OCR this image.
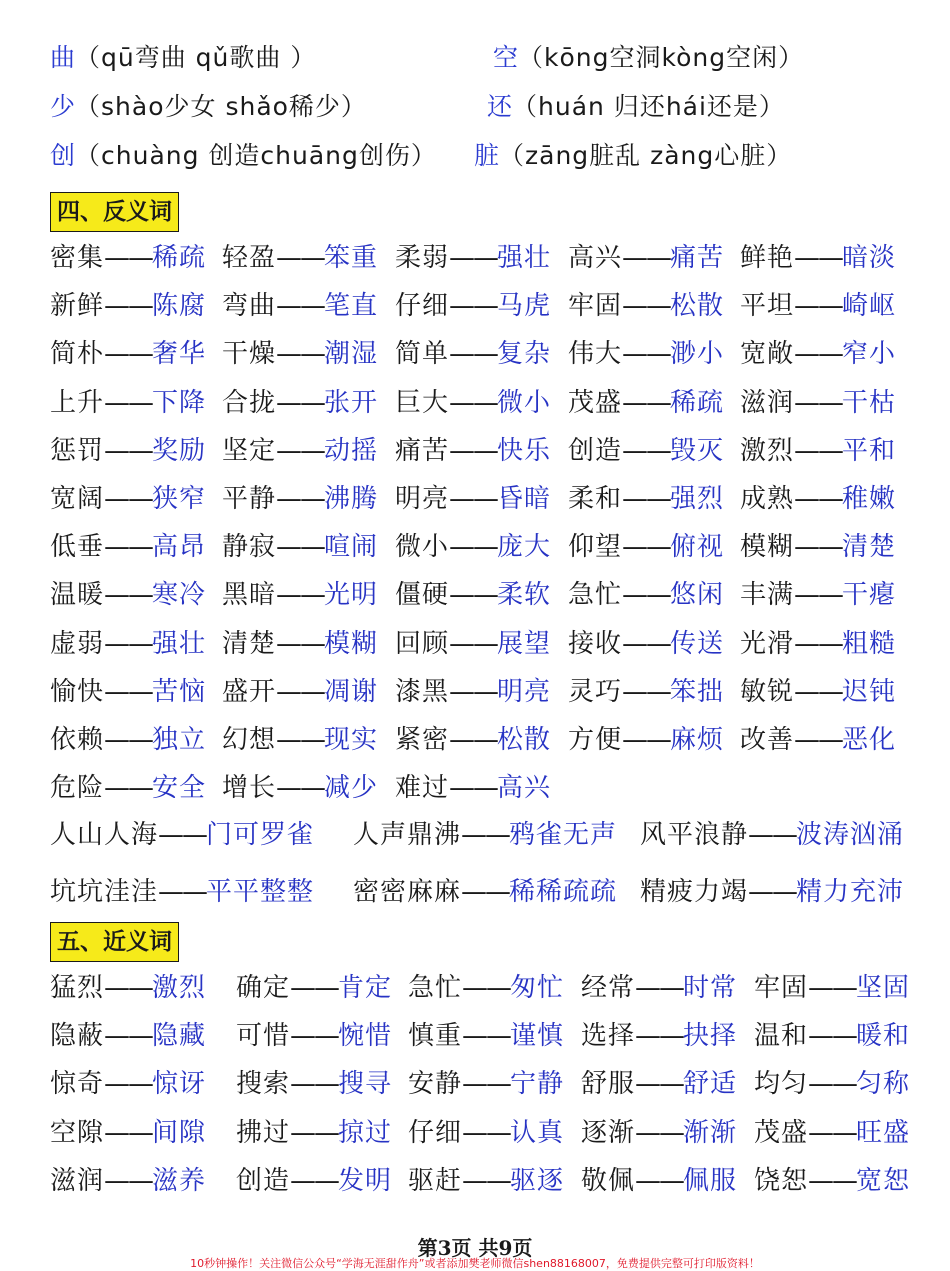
曲（qū弯曲 qǔ歌曲 ）	空（kōng空洞kòng空闲）
少（shào少女 shǎo稀少）	还（huán 归还hái还是）
创（chuàng 创造chuāng创伤） 脏（zāng脏乱 zàng心脏）
四、反义词
密集——稀疏 轻盈——笨重 柔弱——强壮 高兴——痛苦 鲜艳——暗淡
新鲜——陈腐 弯曲——笔直 仔细——马虎 牢固——松散 平坦——崎岖
简朴——奢华 干燥——潮湿 简单——复杂 伟大——渺小 宽敞——窄小
上升——下降 合拢——张开 巨大——微小 茂盛——稀疏 滋润——干枯
惩罚——奖励 坚定——动摇 痛苦——快乐 创造——毁灭 激烈——平和
宽阔——狭窄 平静——沸腾 明亮——昏暗 柔和——强烈 成熟——稚嫩
低垂——高昂 静寂——喧闹 微小——庞大 仰望——俯视 模糊——清楚
温暖——寒冷 黑暗——光明 僵硬——柔软 急忙——悠闲 丰满——干瘪
虚弱——强壮 清楚——模糊 回顾——展望 接收——传送 光滑——粗糙
愉快——苦恼 盛开——凋谢 漆黑——明亮 灵巧——笨拙 敏锐——迟钝
依赖——独立 幻想——现实 紧密——松散 方便——麻烦 改善——恶化
危险——安全 增长——减少 难过——高兴
人山人海——门可罗雀 人声鼎沸——鸦雀无声 风平浪静——波涛汹涌
坑坑洼洼——平平整整 密密麻麻——稀稀疏疏 精疲力竭——精力充沛
五、近义词
猛烈——激烈 确定——肯定 急忙——匆忙 经常——时常 牢固——坚固
隐蔽——隐藏 可惜——惋惜 慎重——谨慎 选择——抉择 温和——暖和
惊奇——惊讶 搜索——搜寻 安静——宁静 舒服——舒适 均匀——匀称
空隙——间隙 拂过——掠过 仔细——认真 逐渐——渐渐 茂盛——旺盛
滋润——滋养 创造——发明 驱赶——驱逐 敬佩——佩服 饶恕——宽恕
第3页 共9页
10秒钟操作！关注微信公众号“学海无涯甜作舟”或者添加樊老师微信shen88168007，免费提供完整可打印版资料！
